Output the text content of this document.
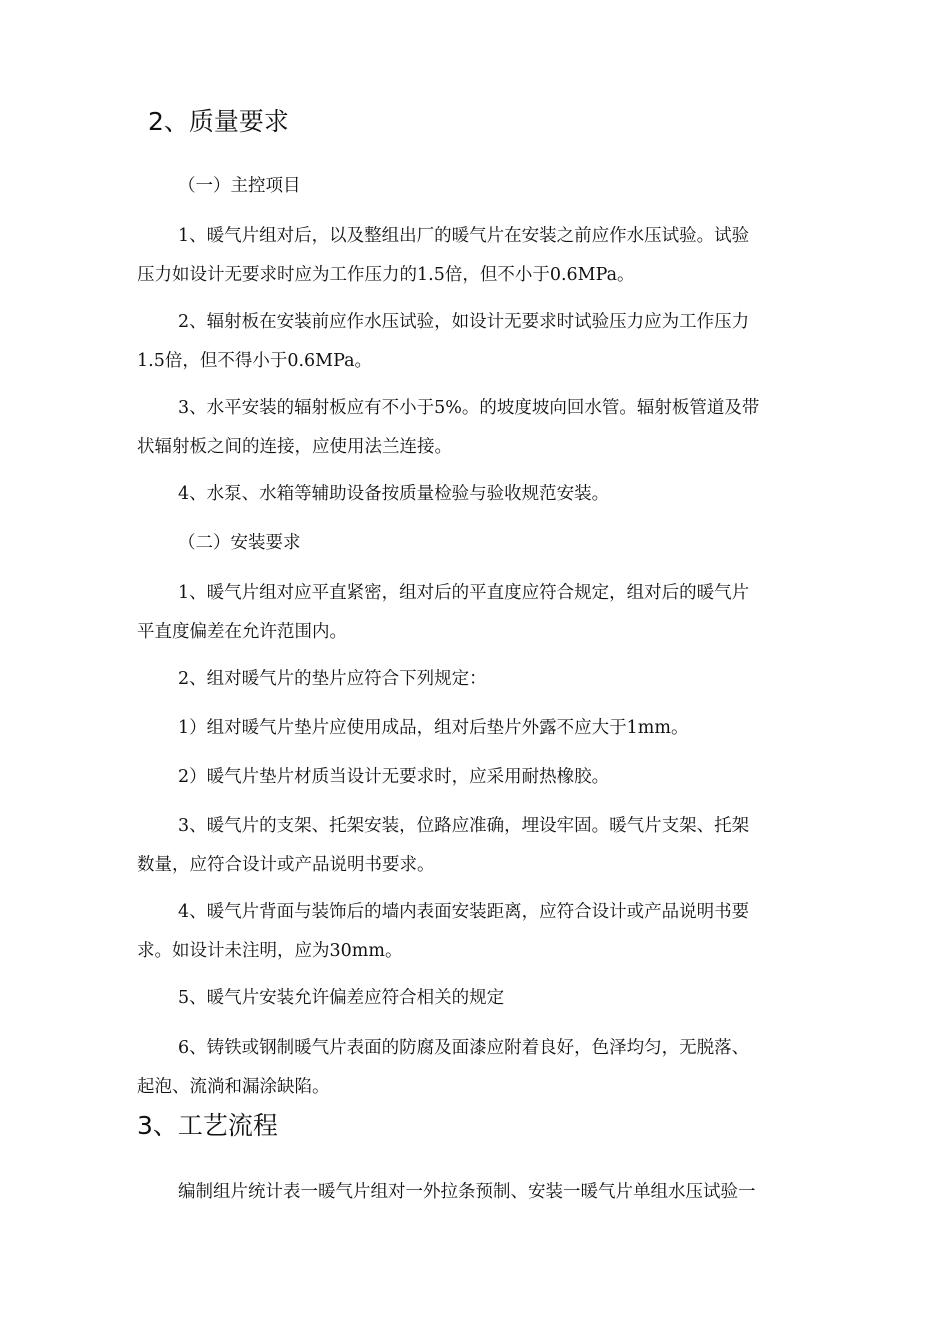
2、质量要求

（一）主控项目

1、暖气片组对后，以及整组出厂的暖气片在安装之前应作水压试验。试验
压力如设计无要求时应为工作压力的1.5倍，但不小于0.6MPa。
2、辐射板在安装前应作水压试验，如设计无要求时试验压力应为工作压力
1.5倍，但不得小于0.6MPa。
3、水平安装的辐射板应有不小于5%。的坡度坡向回水管。辐射板管道及带
状辐射板之间的连接，应使用法兰连接。

4、水泵、水箱等辅助设备按质量检验与验收规范安装。

（二）安装要求

1、暖气片组对应平直紧密，组对后的平直度应符合规定，组对后的暖气片
平直度偏差在允许范围内。

2、组对暖气片的垫片应符合下列规定：

1）组对暖气片垫片应使用成品，组对后垫片外露不应大于1mm。

2）暖气片垫片材质当设计无要求时，应采用耐热橡胶。

3、暖气片的支架、托架安装，位路应准确，埋设牢固。暖气片支架、托架
数量，应符合设计或产品说明书要求。
4、暖气片背面与装饰后的墙内表面安装距离，应符合设计或产品说明书要
求。如设计未注明，应为30mm。

5、暖气片安装允许偏差应符合相关的规定

6、铸铁或钢制暖气片表面的防腐及面漆应附着良好，色泽均匀，无脱落、
起泡、流淌和漏涂缺陷。
3、工艺流程

编制组片统计表一暖气片组对一外拉条预制、安装一暖气片单组水压试验一
